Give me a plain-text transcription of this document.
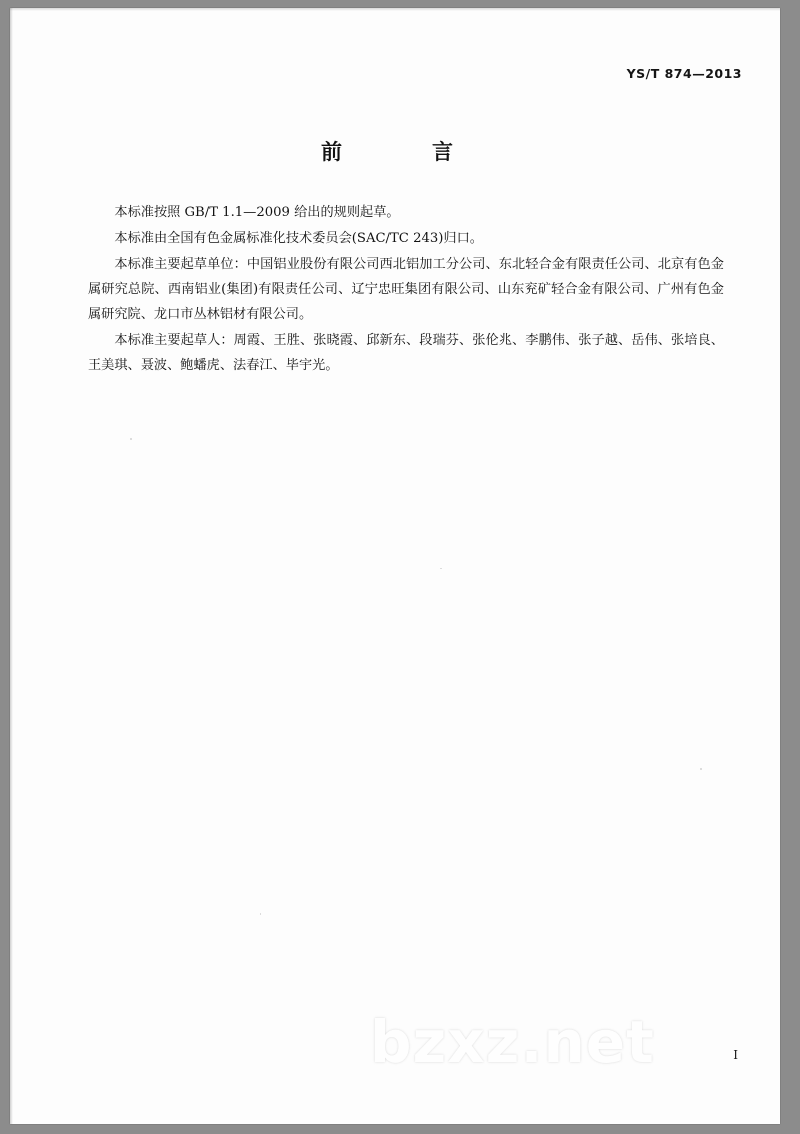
YS/T 874—2013
前　　言

本标准按照 GB/T 1.1—2009 给出的规则起草。

本标准由全国有色金属标准化技术委员会(SAC/TC 243)归口。

本标准主要起草单位：中国铝业股份有限公司西北铝加工分公司、东北轻合金有限责任公司、北京有色金属研究总院、西南铝业(集团)有限责任公司、辽宁忠旺集团有限公司、山东兖矿轻合金有限公司、广州有色金属研究院、龙口市丛林铝材有限公司。

本标准主要起草人：周霞、王胜、张晓霞、邱新东、段瑞芬、张伦兆、李鹏伟、张子越、岳伟、张培良、王美琪、聂波、鲍蟠虎、法春江、毕宇光。

bzxz.net	Ⅰ
